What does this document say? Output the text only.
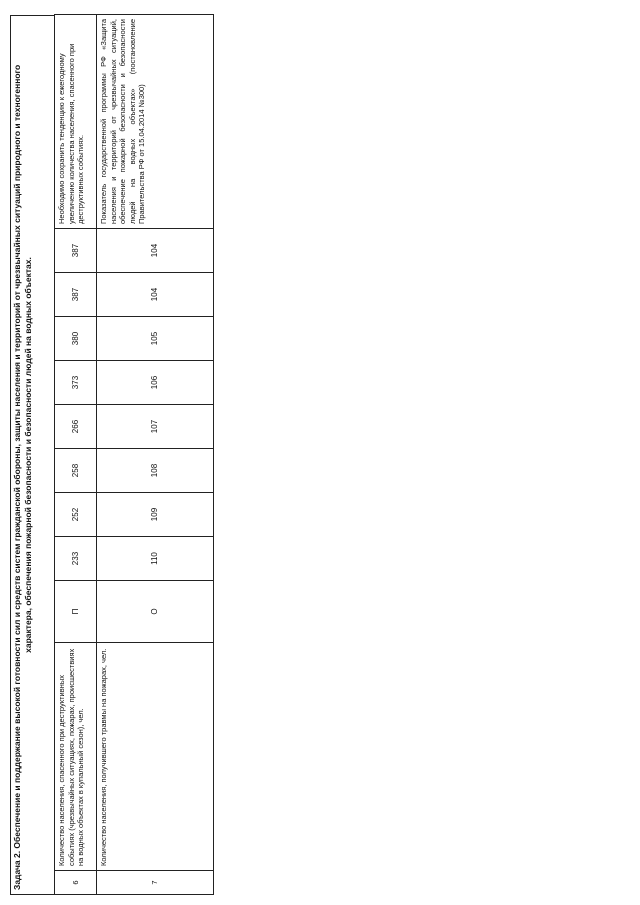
Задача 2. Обеспечение и поддержание высокой готовности сил и средств систем гражданской обороны, защиты населения и территорий от чрезвычайных ситуаций природного и техногенного характера, обеспечения пожарной безопасности и безопасности людей на водных объектах.
6	Количество населения, спасенного при деструктивных событиях (чрезвычайных ситуациях, пожарах, происшествиях на водных объектах в купальный сезон), чел.	П	233	252	258	266	373	380	387	387	Необходимо сохранить тенденцию к ежегодному увеличению количества населения, спасенного при деструктивных событиях.
7	Количество населения, получившего травмы на пожарах, чел.	О	110	109	108	107	106	105	104	104	Показатель государственной программы РФ «Защита населения и территорий от чрезвычайных ситуаций, обеспечение пожарной безопасности и безопасности людей на водных объектах» (постановление Правительства РФ от 15.04.2014 №300)
